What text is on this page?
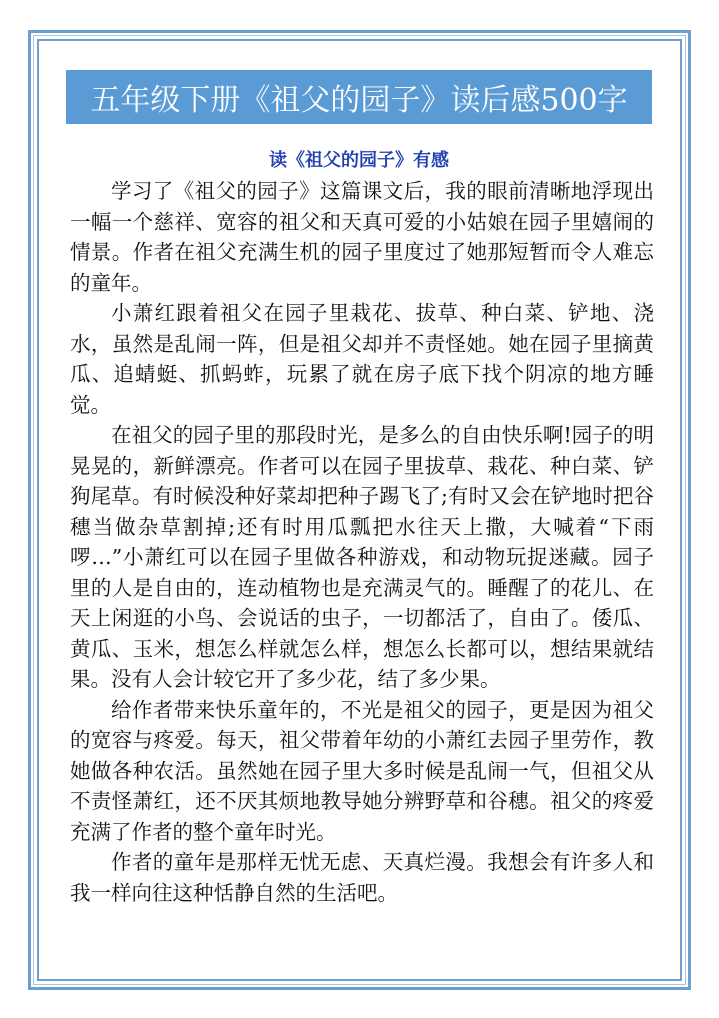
五年级下册《祖父的园子》读后感500字
读《祖父的园子》有感

学习了《祖父的园子》这篇课文后，我的眼前清晰地浮现出一幅一个慈祥、宽容的祖父和天真可爱的小姑娘在园子里嬉闹的情景。作者在祖父充满生机的园子里度过了她那短暂而令人难忘的童年。

小萧红跟着祖父在园子里栽花、拔草、种白菜、铲地、浇水，虽然是乱闹一阵，但是祖父却并不责怪她。她在园子里摘黄瓜、追蜻蜓、抓蚂蚱，玩累了就在房子底下找个阴凉的地方睡觉。

在祖父的园子里的那段时光，是多么的自由快乐啊!园子的明晃晃的，新鲜漂亮。作者可以在园子里拔草、栽花、种白菜、铲狗尾草。有时候没种好菜却把种子踢飞了;有时又会在铲地时把谷穗当做杂草割掉;还有时用瓜瓢把水往天上撒，大喊着“下雨啰…”小萧红可以在园子里做各种游戏，和动物玩捉迷藏。园子里的人是自由的，连动植物也是充满灵气的。睡醒了的花儿、在天上闲逛的小鸟、会说话的虫子，一切都活了，自由了。倭瓜、黄瓜、玉米，想怎么样就怎么样，想怎么长都可以，想结果就结果。没有人会计较它开了多少花，结了多少果。

给作者带来快乐童年的，不光是祖父的园子，更是因为祖父的宽容与疼爱。每天，祖父带着年幼的小萧红去园子里劳作，教她做各种农活。虽然她在园子里大多时候是乱闹一气，但祖父从不责怪萧红，还不厌其烦地教导她分辨野草和谷穗。祖父的疼爱充满了作者的整个童年时光。

作者的童年是那样无忧无虑、天真烂漫。我想会有许多人和我一样向往这种恬静自然的生活吧。
